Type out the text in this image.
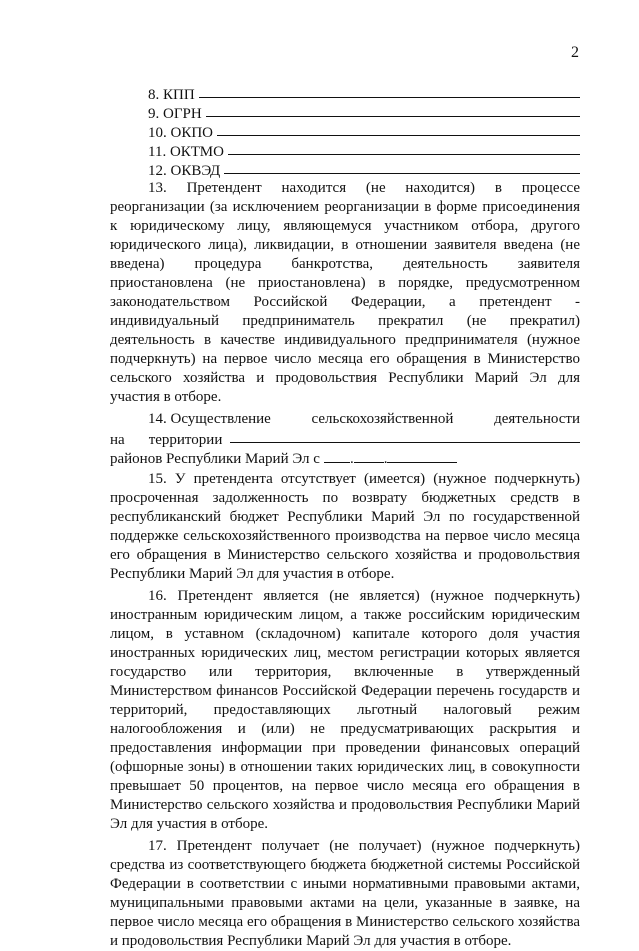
2
8. КПП
9. ОГРН
10. ОКПО
11. ОКТМО
12. ОКВЭД

13. Претендент находится (не находится) в процессе реорганизации (за исключением реорганизации в форме присоединения к юридическому лицу, являющемуся участником отбора, другого юридического лица), ликвидации, в отношении заявителя введена (не введена) процедура банкротства, деятельность заявителя приостановлена (не приостановлена) в порядке, предусмотренном законодательством Российской Федерации, а претендент - индивидуальный предприниматель прекратил (не прекратил) деятельность в качестве индивидуального предпринимателя (нужное подчеркнуть) на первое число месяца его обращения в Министерство сельского хозяйства и продовольствия Республики Марий Эл для участия в отборе.

14. Осуществление	сельскохозяйственной	деятельности
на территории
районов Республики Марий Эл с . .

15. У претендента отсутствует (имеется) (нужное подчеркнуть) просроченная задолженность по возврату бюджетных средств в республиканский бюджет Республики Марий Эл по государственной поддержке сельскохозяйственного производства на первое число месяца его обращения в Министерство сельского хозяйства и продовольствия Республики Марий Эл для участия в отборе.

16. Претендент является (не является) (нужное подчеркнуть) иностранным юридическим лицом, а также российским юридическим лицом, в уставном (складочном) капитале которого доля участия иностранных юридических лиц, местом регистрации которых является государство или территория, включенные в утвержденный Министерством финансов Российской Федерации перечень государств и территорий, предоставляющих льготный налоговый режим налогообложения и (или) не предусматривающих раскрытия и предоставления информации при проведении финансовых операций (офшорные зоны) в отношении таких юридических лиц, в совокупности превышает 50 процентов, на первое число месяца его обращения в Министерство сельского хозяйства и продовольствия Республики Марий Эл для участия в отборе.

17. Претендент получает (не получает) (нужное подчеркнуть) средства из соответствующего бюджета бюджетной системы Российской Федерации в соответствии с иными нормативными правовыми актами, муниципальными правовыми актами на цели, указанные в заявке, на первое число месяца его обращения в Министерство сельского хозяйства и продовольствия Республики Марий Эл для участия в отборе.
